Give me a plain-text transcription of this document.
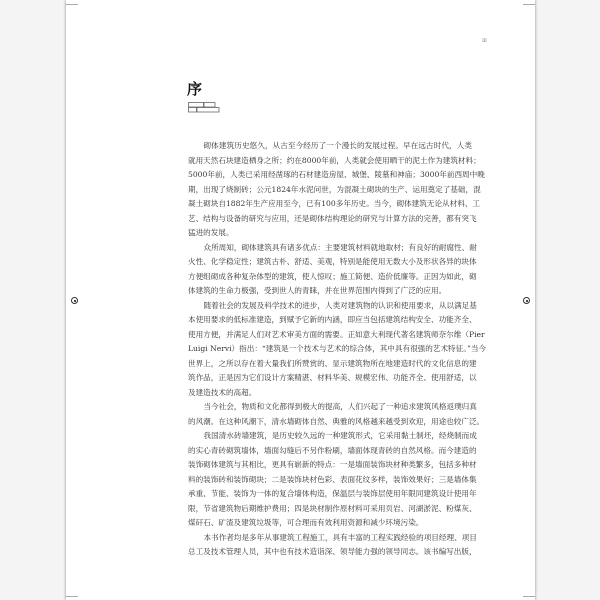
III
序
砌体建筑历史悠久，从古至今经历了一个漫长的发展过程。早在远古时代，人类
就用天然石块建造栖身之所；约在8000年前，人类就会使用晒干的泥土作为建筑材料；
5000年前，人类已采用经凿琢的石材建造房屋、城堡、陵墓和神庙；3000年前西周中晚
期，出现了烧制砖；公元1824年水泥问世，为混凝土砌块的生产、运用奠定了基础，混
凝土砌块自1882年生产应用至今，已有100多年历史。当今，砌体建筑无论从材料、工
艺、结构与设备的研究与应用，还是砌体结构理论的研究与计算方法的完善，都有突飞
猛进的发展。
众所周知，砌体建筑具有诸多优点：主要建筑材料就地取材；有良好的耐腐性、耐
火性、化学稳定性；建筑古朴、舒适、美观，特别是能使用无数大小及形状各异的块体
方便组砌成各种复杂体型的建筑，使人惊叹；施工简便、造价低廉等。正因为如此，砌
体建筑的生命力极强，受到世人的青睐，并在世界范围内得到了广泛的应用。
随着社会的发展及科学技术的进步，人类对建筑物的认识和使用要求，从以满足基
本使用要求的低标准建造，到赋予它新的内涵，即应当包括建筑结构安全、功能齐全、
使用方便，并满足人们对艺术审美方面的需要。正如意大利现代著名建筑师奈尔维（Pier
Luigi Nervi）指出：“建筑是一个技术与艺术的综合体，其中具有很强的艺术特征。”当今
世界上，之所以存在着大量我们所赞赏的、显示建筑物所在地建造时代的文化信息的建
筑作品，正是因为它们设计方案精湛、材料华美、规模宏伟、功能齐全、使用舒适，以
及建造技术的高超。
当今社会，物质和文化都得到极大的提高，人们兴起了一种追求建筑风格返璞归真
的风潮。在这种风潮下，清水墙砌体自然、典雅的风格越来越受到欢迎，用途也较广泛。
我国清水砖墙建筑，是历史较久远的一种建筑形式，它采用黏土制坯，经烧制而成
的实心青砖砌筑墙体，墙面勾缝后不另作粉刷，墙面体现青砖的自然风格。而今建造的
装饰砌体建筑与其相比，更具有崭新的特点：一是墙面装饰块材种类繁多，包括多种材
料的装饰砖和装饰砌块；二是装饰块材色彩、表面花纹多样，装饰效果好；三是墙体集
承重、节能、装饰为一体的复合墙体构造，保温层与装饰层使用年限同建筑设计使用年
限，节省建筑物后期维护费用；四是块材制作原材料可采用页岩、河湖淤泥、粉煤灰、
煤矸石、矿渣及建筑垃圾等，可合理而有效利用资源和减少环境污染。
本书作者均是多年从事建筑工程施工，具有丰富的工程实践经验的项目经理、项目
总工及技术管理人员，其中也有技术造诣深、领导能力强的领导同志。该书编写出版，
